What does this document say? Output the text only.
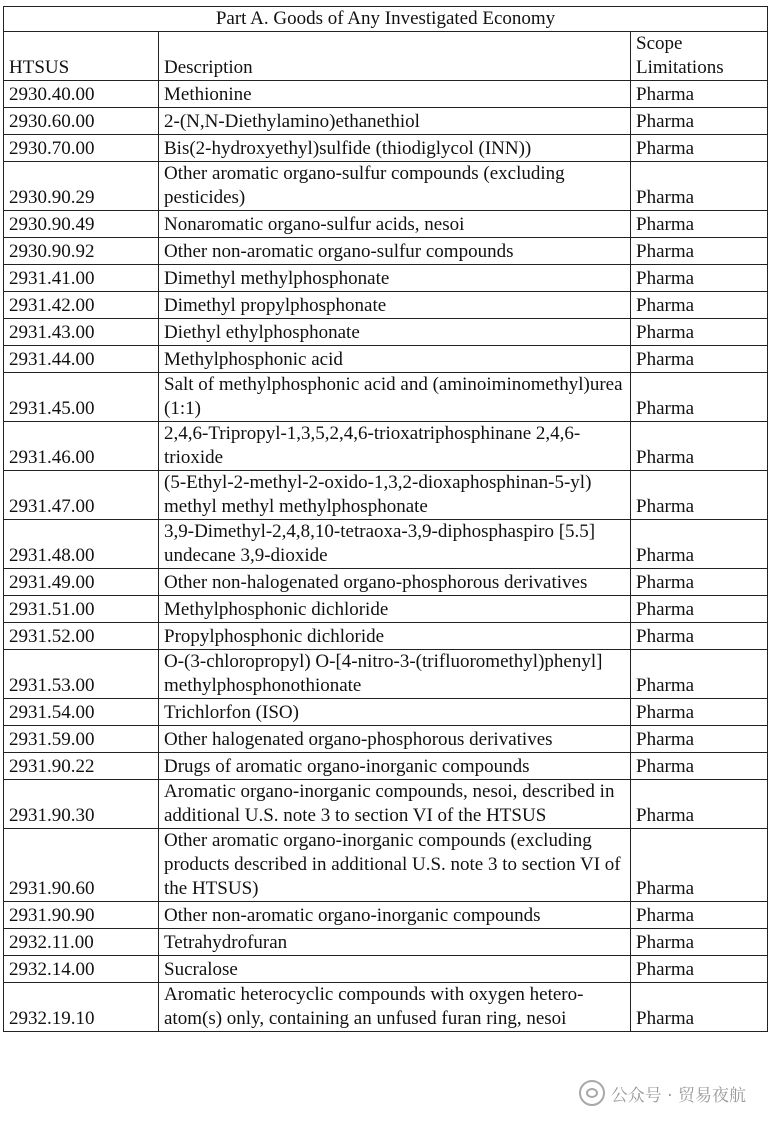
Part A. Goods of Any Investigated Economy		
HTSUS	Description	Scope Limitations
2930.40.00	Methionine	Pharma
2930.60.00	2-(N,N-Diethylamino)ethanethiol	Pharma
2930.70.00	Bis(2-hydroxyethyl)sulfide (thiodiglycol (INN))	Pharma
2930.90.29	Other aromatic organo-sulfur compounds (excluding pesticides)	Pharma
2930.90.49	Nonaromatic organo-sulfur acids, nesoi	Pharma
2930.90.92	Other non-aromatic organo-sulfur compounds	Pharma
2931.41.00	Dimethyl methylphosphonate	Pharma
2931.42.00	Dimethyl propylphosphonate	Pharma
2931.43.00	Diethyl ethylphosphonate	Pharma
2931.44.00	Methylphosphonic acid	Pharma
2931.45.00	Salt of methylphosphonic acid and (aminoiminomethyl)urea (1:1)	Pharma
2931.46.00	2,4,6-Tripropyl-1,3,5,2,4,6-trioxatriphosphinane 2,4,6-trioxide	Pharma
2931.47.00	(5-Ethyl-2-methyl-2-oxido-1,3,2-dioxaphosphinan-5-yl) methyl methyl methylphosphonate	Pharma
2931.48.00	3,9-Dimethyl-2,4,8,10-tetraoxa-3,9-diphosphaspiro [5.5] undecane 3,9-dioxide	Pharma
2931.49.00	Other non-halogenated organo-phosphorous derivatives	Pharma
2931.51.00	Methylphosphonic dichloride	Pharma
2931.52.00	Propylphosphonic dichloride	Pharma
2931.53.00	O-(3-chloropropyl) O-[4-nitro-3-(trifluoromethyl)phenyl] methylphosphonothionate	Pharma
2931.54.00	Trichlorfon (ISO)	Pharma
2931.59.00	Other halogenated organo-phosphorous derivatives	Pharma
2931.90.22	Drugs of aromatic organo-inorganic compounds	Pharma
2931.90.30	Aromatic organo-inorganic compounds, nesoi, described in additional U.S. note 3 to section VI of the HTSUS	Pharma
2931.90.60	Other aromatic organo-inorganic compounds (excluding products described in additional U.S. note 3 to section VI of the HTSUS)	Pharma
2931.90.90	Other non-aromatic organo-inorganic compounds	Pharma
2932.11.00	Tetrahydrofuran	Pharma
2932.14.00	Sucralose	Pharma
2932.19.10	Aromatic heterocyclic compounds with oxygen hetero-atom(s) only, containing an unfused furan ring, nesoi	Pharma
公众号 · 贸易夜航
